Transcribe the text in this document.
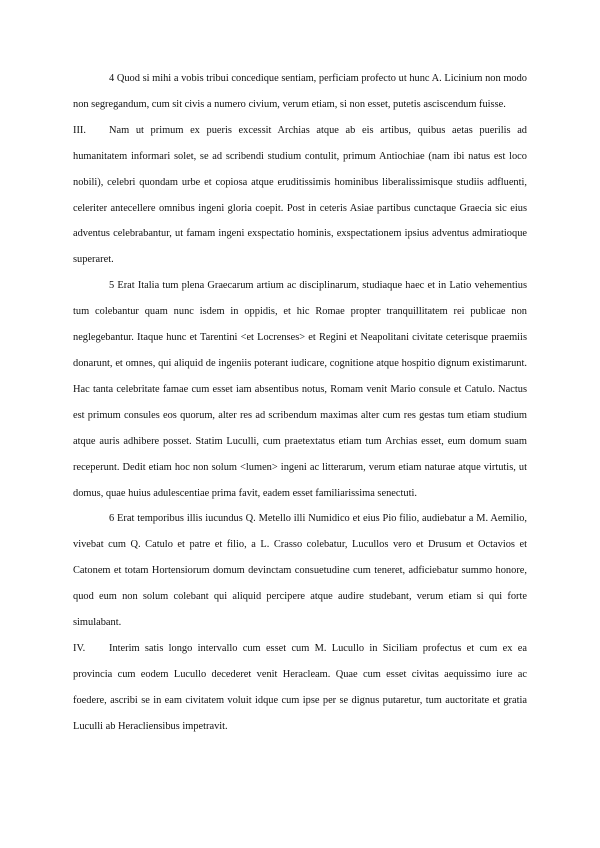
4 Quod si mihi a vobis tribui concedique sentiam, perficiam profecto ut hunc A. Licinium non modo non segregandum, cum sit civis a numero civium, verum etiam, si non esset, putetis asciscendum fuisse.

III. Nam ut primum ex pueris excessit Archias atque ab eis artibus, quibus aetas puerilis ad humanitatem informari solet, se ad scribendi studium contulit, primum Antiochiae (nam ibi natus est loco nobili), celebri quondam urbe et copiosa atque eruditissimis hominibus liberalissimisque studiis adfluenti, celeriter antecellere omnibus ingeni gloria coepit. Post in ceteris Asiae partibus cunctaque Graecia sic eius adventus celebrabantur, ut famam ingeni exspectatio hominis, exspectationem ipsius adventus admiratioque superaret.

5 Erat Italia tum plena Graecarum artium ac disciplinarum, studiaque haec et in Latio vehementius tum colebantur quam nunc isdem in oppidis, et hic Romae propter tranquillitatem rei publicae non neglegebantur. Itaque hunc et Tarentini <et Locrenses> et Regini et Neapolitani civitate ceterisque praemiis donarunt, et omnes, qui aliquid de ingeniis poterant iudicare, cognitione atque hospitio dignum existimarunt. Hac tanta celebritate famae cum esset iam absentibus notus, Romam venit Mario consule et Catulo. Nactus est primum consules eos quorum, alter res ad scribendum maximas alter cum res gestas tum etiam studium atque auris adhibere posset. Statim Luculli, cum praetextatus etiam tum Archias esset, eum domum suam receperunt. Dedit etiam hoc non solum <lumen> ingeni ac litterarum, verum etiam naturae atque virtutis, ut domus, quae huius adulescentiae prima favit, eadem esset familiarissima senectuti.

6 Erat temporibus illis iucundus Q. Metello illi Numidico et eius Pio filio, audiebatur a M. Aemilio, vivebat cum Q. Catulo et patre et filio, a L. Crasso colebatur, Lucullos vero et Drusum et Octavios et Catonem et totam Hortensiorum domum devinctam consuetudine cum teneret, adficiebatur summo honore, quod eum non solum colebant qui aliquid percipere atque audire studebant, verum etiam si qui forte simulabant.

IV. Interim satis longo intervallo cum esset cum M. Lucullo in Siciliam profectus et cum ex ea provincia cum eodem Lucullo decederet venit Heracleam. Quae cum esset civitas aequissimo iure ac foedere, ascribi se in eam civitatem voluit idque cum ipse per se dignus putaretur, tum auctoritate et gratia Luculli ab Heracliensibus impetravit.
